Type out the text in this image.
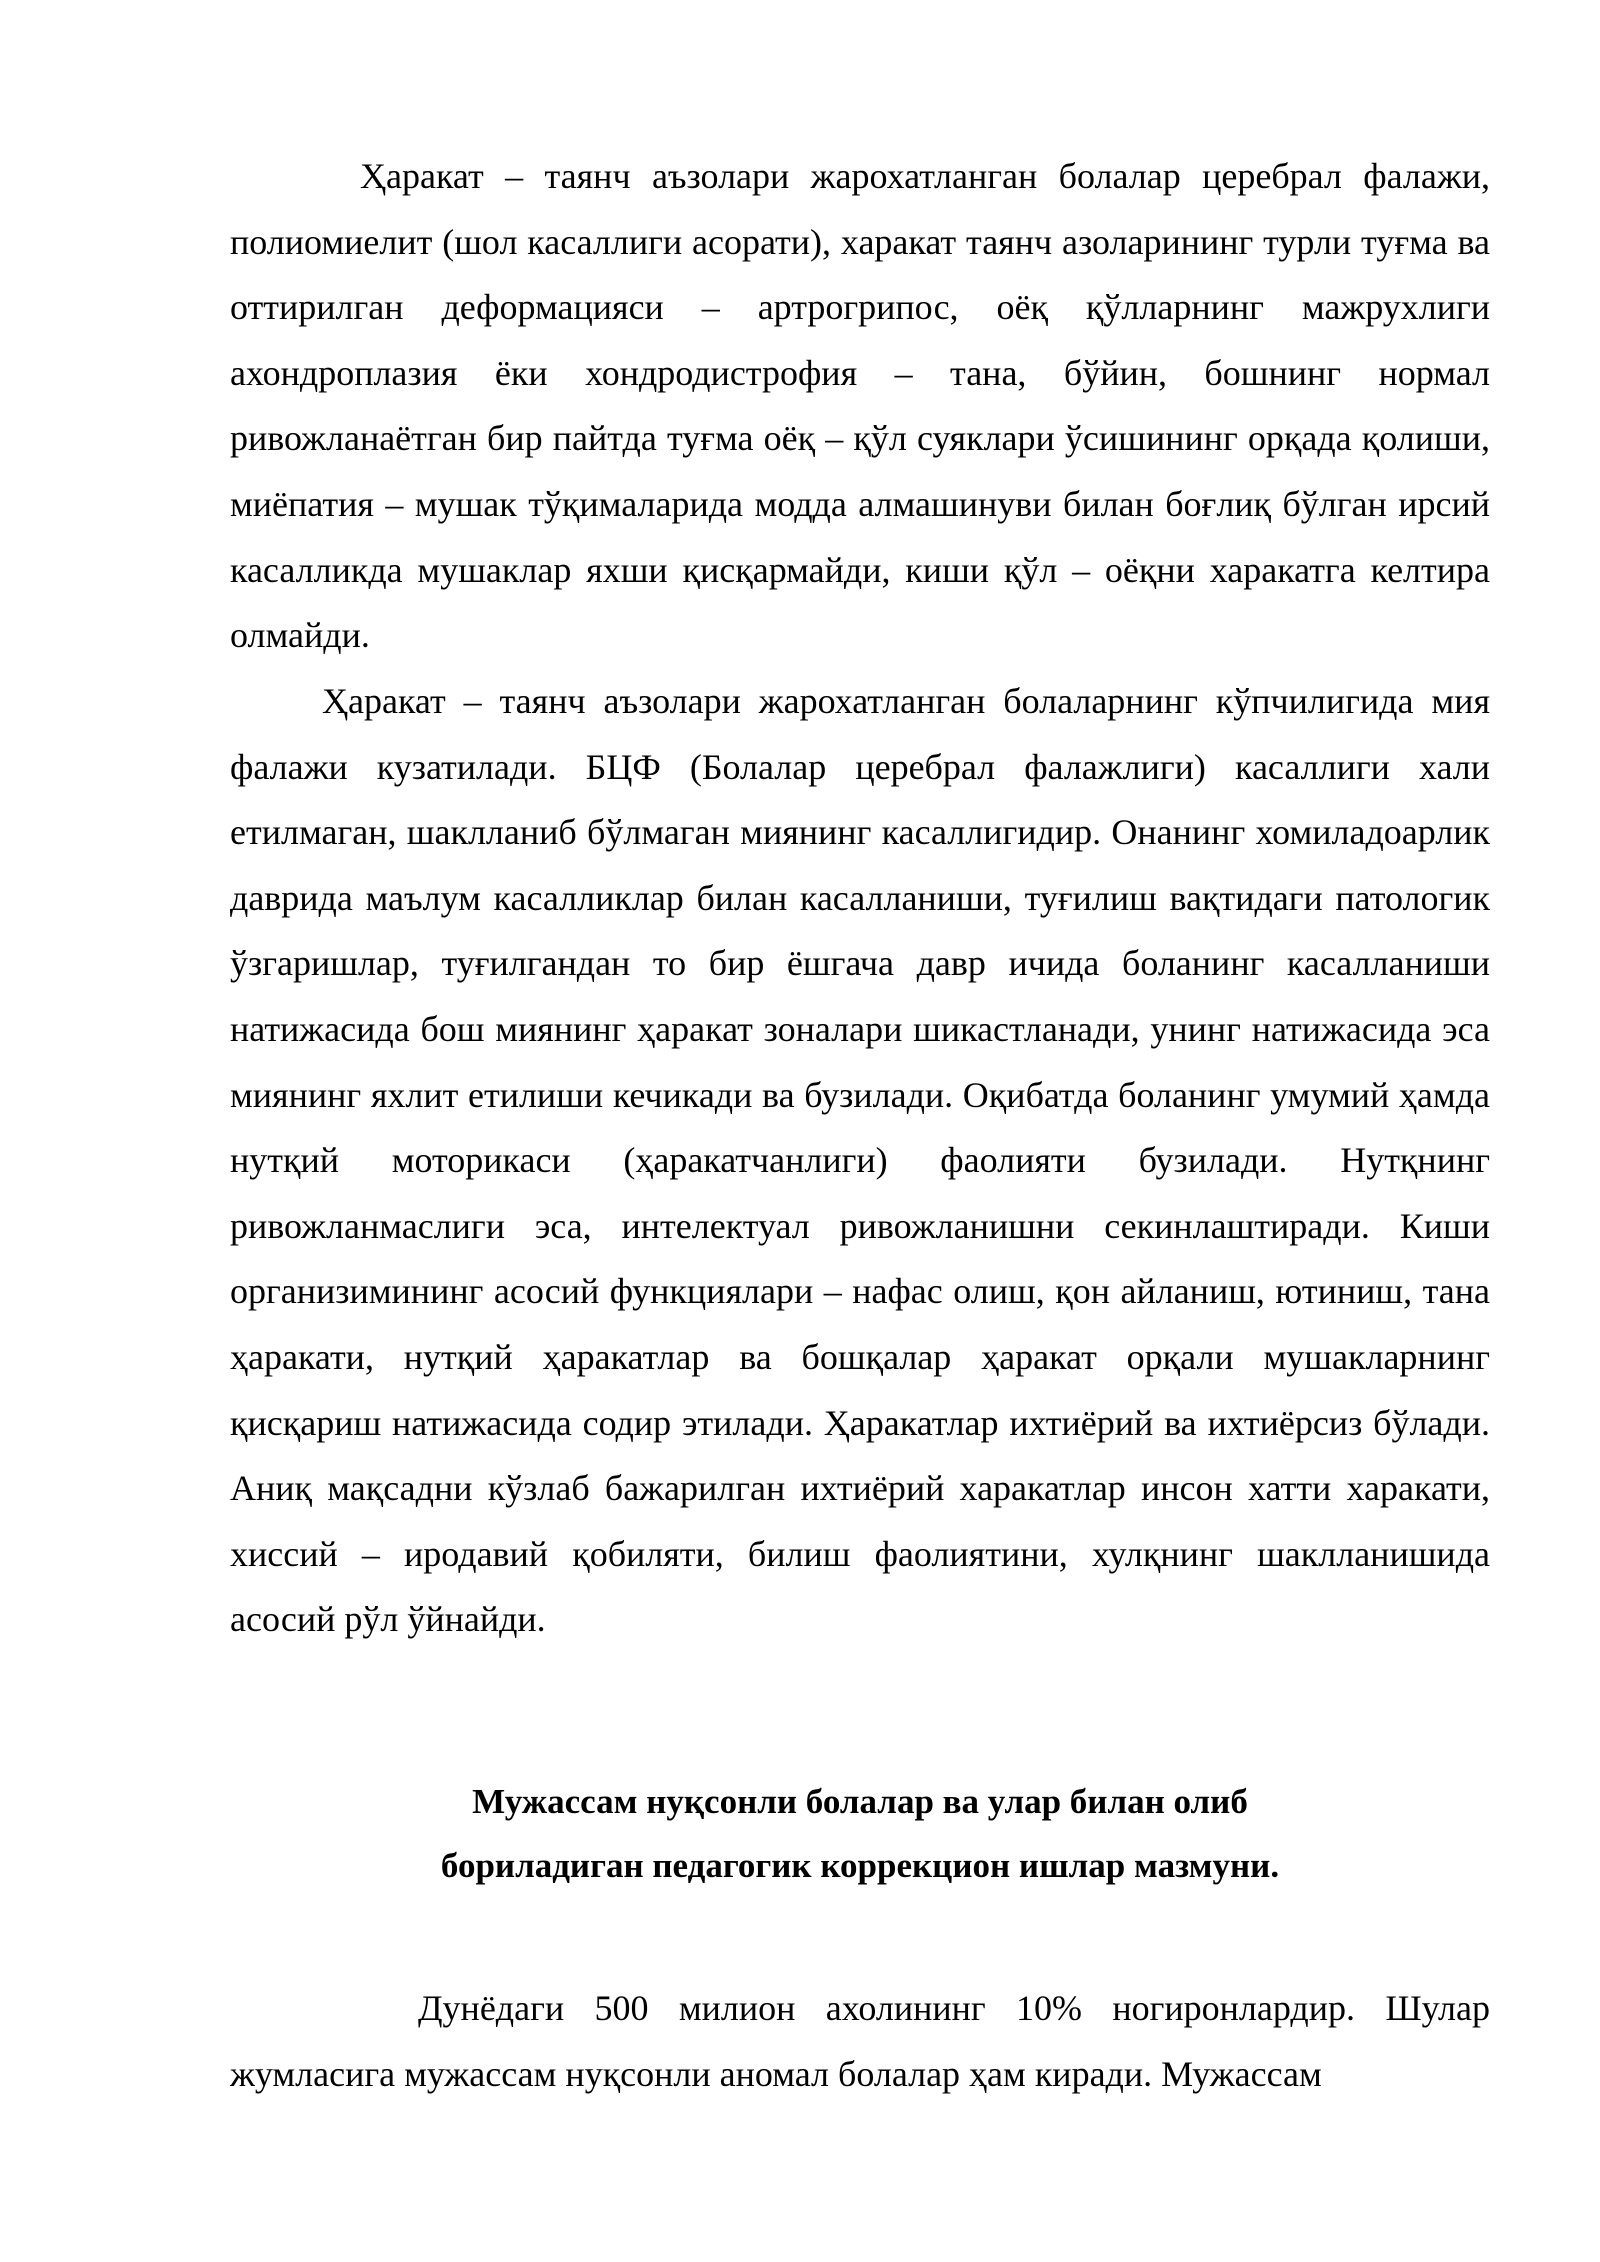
Ҳаракат – таянч аъзолари жарохатланган болалар церебрал фалажи, полиомиелит (шол касаллиги асорати), харакат таянч азоларининг турли туғма ва оттирилган деформацияси – артрогрипос, оёқ қўлларнинг мажрухлиги ахондроплазия ёки хондродистрофия – тана, бўйин, бошнинг нормал ривожланаётган бир пайтда туғма оёқ – қўл суяклари ўсишининг орқада қолиши, миёпатия – мушак тўқималарида модда алмашинуви билан боғлиқ бўлган ирсий касалликда мушаклар яхши қисқармайди, киши қўл – оёқни харакатга келтира олмайди.

Ҳаракат – таянч аъзолари жарохатланган болаларнинг кўпчилигида мия фалажи кузатилади. БЦФ (Болалар церебрал фалажлиги) касаллиги хали етилмаган, шаклланиб бўлмаган миянинг касаллигидир. Онанинг хомиладоарлик даврида маълум касалликлар билан касалланиши, туғилиш вақтидаги патологик ўзгаришлар, туғилгандан то бир ёшгача давр ичида боланинг касалланиши натижасида бош миянинг ҳаракат зоналари шикастланади, унинг натижасида эса миянинг яхлит етилиши кечикади ва бузилади. Оқибатда боланинг умумий ҳамда нутқий моторикаси (ҳаракатчанлиги) фаолияти бузилади. Нутқнинг ривожланмаслиги эса, интелектуал ривожланишни секинлаштиради. Киши организимининг асосий функциялари – нафас олиш, қон айланиш, ютиниш, тана ҳаракати, нутқий ҳаракатлар ва бошқалар ҳаракат орқали мушакларнинг қисқариш натижасида содир этилади. Ҳаракатлар ихтиёрий ва ихтиёрсиз бўлади. Аниқ мақсадни кўзлаб бажарилган ихтиёрий харакатлар инсон хатти харакати, хиссий – иродавий қобиляти, билиш фаолиятини, хулқнинг шаклланишида асосий рўл ўйнайди.

Мужассам нуқсонли болалар ва улар билан олиб
бориладиган педагогик коррекцион ишлар мазмуни.

Дунёдаги 500 милион ахолининг 10% ногиронлардир. Шулар жумласига мужассам нуқсонли аномал болалар ҳам киради. Мужассам
